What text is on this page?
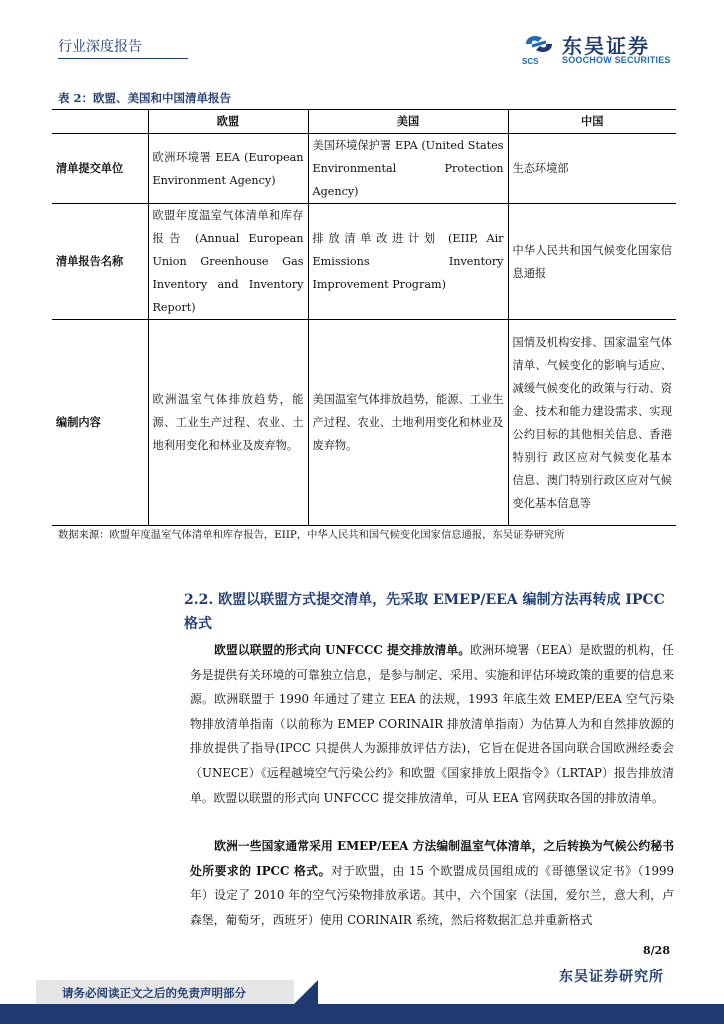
行业深度报告
SCS
东吴证券
SOOCHOW SECURITIES
表 2：欧盟、美国和中国清单报告
	欧盟	美国	中国
清单提交单位	欧洲环境署 EEA (European Environment Agency)	美国环境保护署 EPA (United States Environmental Protection Agency)	生态环境部
清单报告名称	欧盟年度温室气体清单和库存报告 (Annual European Union Greenhouse Gas Inventory and Inventory Report)	排放清单改进计划 (EIIP, Air Emissions Inventory Improvement Program)	中华人民共和国气候变化国家信息通报
编制内容	欧洲温室气体排放趋势，能源、工业生产过程、农业、土地利用变化和林业及废弃物。	美国温室气体排放趋势，能源、工业生产过程、农业、土地利用变化和林业及废弃物。	国情及机构安排、国家温室气体清单、气候变化的影响与适应、减缓气候变化的政策与行动、资金、技术和能力建设需求、实现公约目标的其他相关信息、香港特别行 政区应对气候变化基本信息、澳门特别行政区应对气候变化基本信息等
数据来源：欧盟年度温室气体清单和库存报告，EIIP，中华人民共和国气候变化国家信息通报，东吴证券研究所
2.2. 欧盟以联盟方式提交清单，先采取 EMEP/EEA 编制方法再转成 IPCC 格式
欧盟以联盟的形式向 UNFCCC 提交排放清单。欧洲环境署（EEA）是欧盟的机构，任务是提供有关环境的可靠独立信息，是参与制定、采用、实施和评估环境政策的重要的信息来源。欧洲联盟于 1990 年通过了建立 EEA 的法规，1993 年底生效 EMEP/EEA 空气污染物排放清单指南（以前称为 EMEP CORINAIR 排放清单指南）为估算人为和自然排放源的排放提供了指导(IPCC 只提供人为源排放评估方法)，它旨在促进各国向联合国欧洲经委会（UNECE）《远程越境空气污染公约》和欧盟《国家排放上限指令》（LRTAP）报告排放清单。欧盟以联盟的形式向 UNFCCC 提交排放清单，可从 EEA 官网获取各国的排放清单。
欧洲一些国家通常采用 EMEP/EEA 方法编制温室气体清单，之后转换为气候公约秘书处所要求的 IPCC 格式。对于欧盟，由 15 个欧盟成员国组成的《哥德堡议定书》（1999 年）设定了 2010 年的空气污染物排放承诺。其中，六个国家（法国，爱尔兰，意大利，卢森堡，葡萄牙，西班牙）使用 CORINAIR 系统，然后将数据汇总并重新格式
8/28
东吴证券研究所
请务必阅读正文之后的免责声明部分
